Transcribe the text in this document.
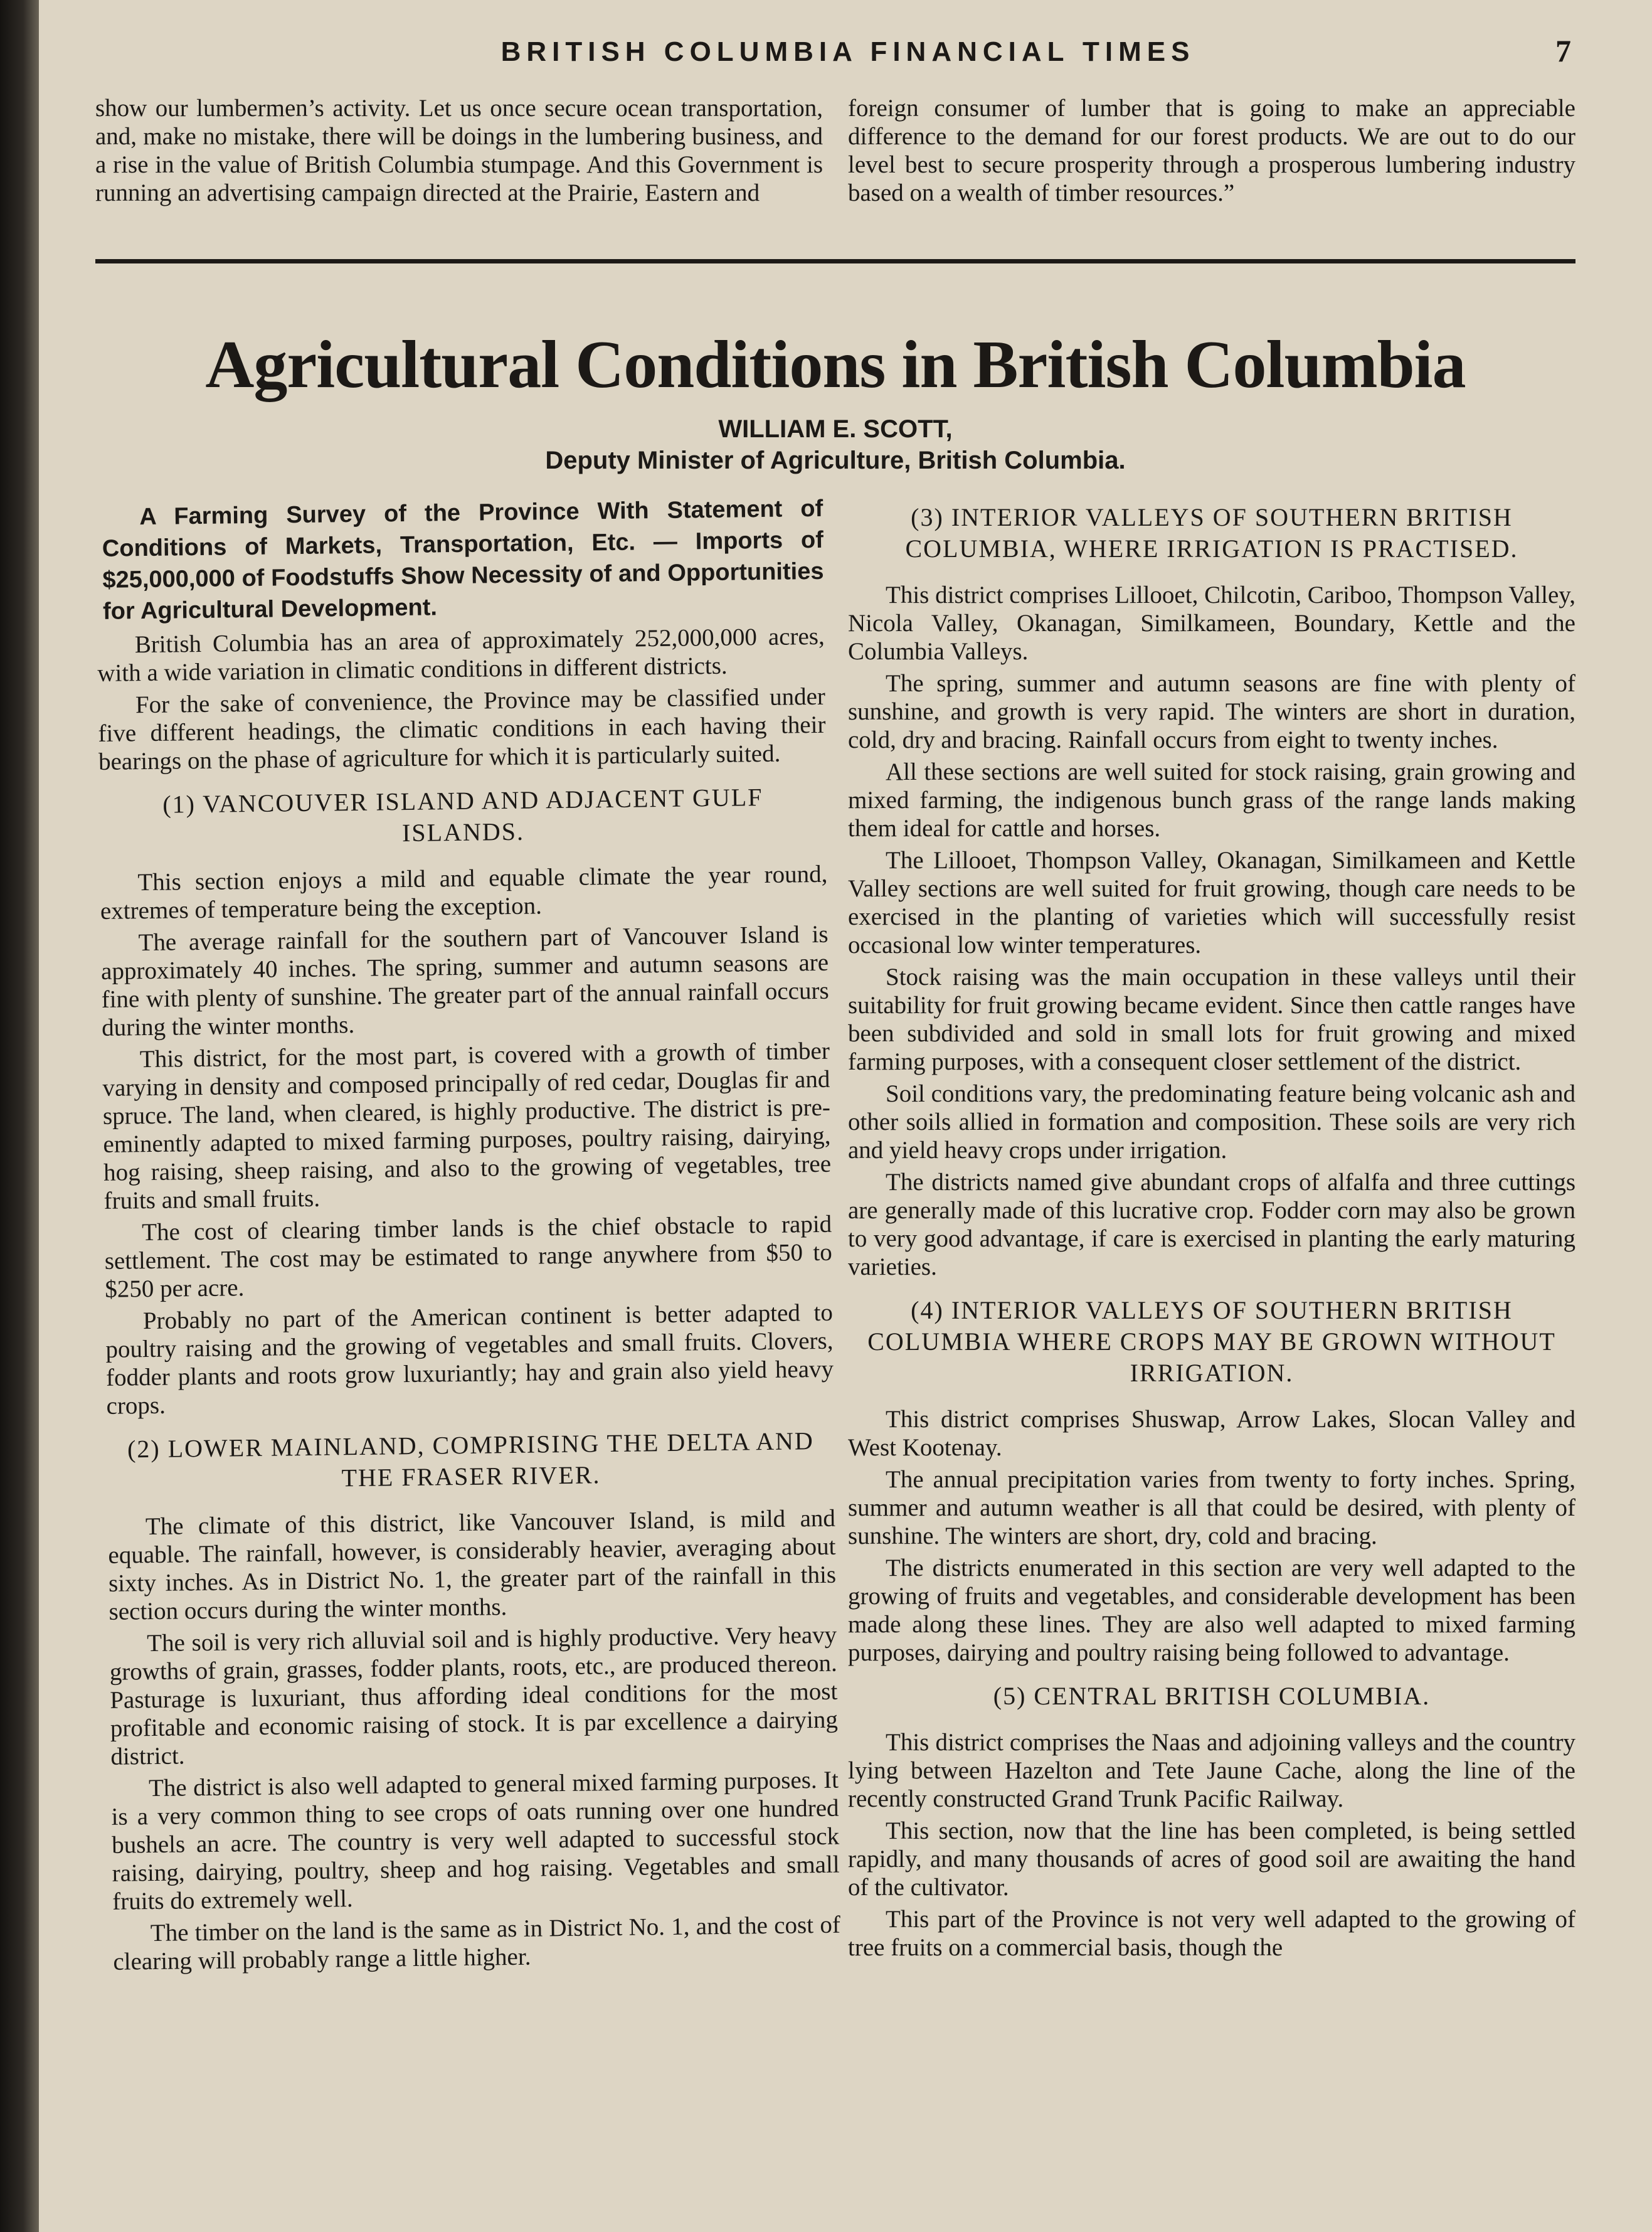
BRITISH COLUMBIA FINANCIAL TIMES	7

show our lumbermen’s activity. Let us once secure ocean transportation, and, make no mistake, there will be doings in the lumbering business, and a rise in the value of British Columbia stumpage. And this Government is running an advertising campaign directed at the Prairie, Eastern and

foreign consumer of lumber that is going to make an appreciable difference to the demand for our forest products. We are out to do our level best to secure prosperity through a prosperous lumbering industry based on a wealth of timber resources.”

Agricultural Conditions in British Columbia
WILLIAM E. SCOTT,
Deputy Minister of Agriculture, British Columbia.

A Farming Survey of the Province With Statement of Conditions of Markets, Transportation, Etc. — Imports of $25,000,000 of Foodstuffs Show Necessity of and Opportunities for Agricultural Development.

British Columbia has an area of approximately 252,000,000 acres, with a wide variation in climatic conditions in different districts.

For the sake of convenience, the Province may be classified under five different headings, the climatic conditions in each having their bearings on the phase of agriculture for which it is particularly suited.

(1) VANCOUVER ISLAND AND ADJACENT GULF ISLANDS.

This section enjoys a mild and equable climate the year round, extremes of temperature being the exception.

The average rainfall for the southern part of Vancouver Island is approximately 40 inches. The spring, summer and autumn seasons are fine with plenty of sunshine. The greater part of the annual rainfall occurs during the winter months.

This district, for the most part, is covered with a growth of timber varying in density and composed principally of red cedar, Douglas fir and spruce. The land, when cleared, is highly productive. The district is pre-eminently adapted to mixed farming purposes, poultry raising, dairying, hog raising, sheep raising, and also to the growing of vegetables, tree fruits and small fruits.

The cost of clearing timber lands is the chief obstacle to rapid settlement. The cost may be estimated to range anywhere from $50 to $250 per acre.

Probably no part of the American continent is better adapted to poultry raising and the growing of vegetables and small fruits. Clovers, fodder plants and roots grow luxuriantly; hay and grain also yield heavy crops.

(2) LOWER MAINLAND, COMPRISING THE DELTA AND THE FRASER RIVER.

The climate of this district, like Vancouver Island, is mild and equable. The rainfall, however, is considerably heavier, averaging about sixty inches. As in District No. 1, the greater part of the rainfall in this section occurs during the winter months.

The soil is very rich alluvial soil and is highly productive. Very heavy growths of grain, grasses, fodder plants, roots, etc., are produced thereon. Pasturage is luxuriant, thus affording ideal conditions for the most profitable and economic raising of stock. It is par excellence a dairying district.

The district is also well adapted to general mixed farming purposes. It is a very common thing to see crops of oats running over one hundred bushels an acre. The country is very well adapted to successful stock raising, dairying, poultry, sheep and hog raising. Vegetables and small fruits do extremely well.

The timber on the land is the same as in District No. 1, and the cost of clearing will probably range a little higher.

(3) INTERIOR VALLEYS OF SOUTHERN BRITISH COLUMBIA, WHERE IRRIGATION IS PRACTISED.

This district comprises Lillooet, Chilcotin, Cariboo, Thompson Valley, Nicola Valley, Okanagan, Similkameen, Boundary, Kettle and the Columbia Valleys.

The spring, summer and autumn seasons are fine with plenty of sunshine, and growth is very rapid. The winters are short in duration, cold, dry and bracing. Rainfall occurs from eight to twenty inches.

All these sections are well suited for stock raising, grain growing and mixed farming, the indigenous bunch grass of the range lands making them ideal for cattle and horses.

The Lillooet, Thompson Valley, Okanagan, Similkameen and Kettle Valley sections are well suited for fruit growing, though care needs to be exercised in the planting of varieties which will successfully resist occasional low winter temperatures.

Stock raising was the main occupation in these valleys until their suitability for fruit growing became evident. Since then cattle ranges have been subdivided and sold in small lots for fruit growing and mixed farming purposes, with a consequent closer settlement of the district.

Soil conditions vary, the predominating feature being volcanic ash and other soils allied in formation and composition. These soils are very rich and yield heavy crops under irrigation.

The districts named give abundant crops of alfalfa and three cuttings are generally made of this lucrative crop. Fodder corn may also be grown to very good advantage, if care is exercised in planting the early maturing varieties.

(4) INTERIOR VALLEYS OF SOUTHERN BRITISH COLUMBIA WHERE CROPS MAY BE GROWN WITHOUT IRRIGATION.

This district comprises Shuswap, Arrow Lakes, Slocan Valley and West Kootenay.

The annual precipitation varies from twenty to forty inches. Spring, summer and autumn weather is all that could be desired, with plenty of sunshine. The winters are short, dry, cold and bracing.

The districts enumerated in this section are very well adapted to the growing of fruits and vegetables, and considerable development has been made along these lines. They are also well adapted to mixed farming purposes, dairying and poultry raising being followed to advantage.

(5) CENTRAL BRITISH COLUMBIA.

This district comprises the Naas and adjoining valleys and the country lying between Hazelton and Tete Jaune Cache, along the line of the recently constructed Grand Trunk Pacific Railway.

This section, now that the line has been completed, is being settled rapidly, and many thousands of acres of good soil are awaiting the hand of the cultivator.

This part of the Province is not very well adapted to the growing of tree fruits on a commercial basis, though the
